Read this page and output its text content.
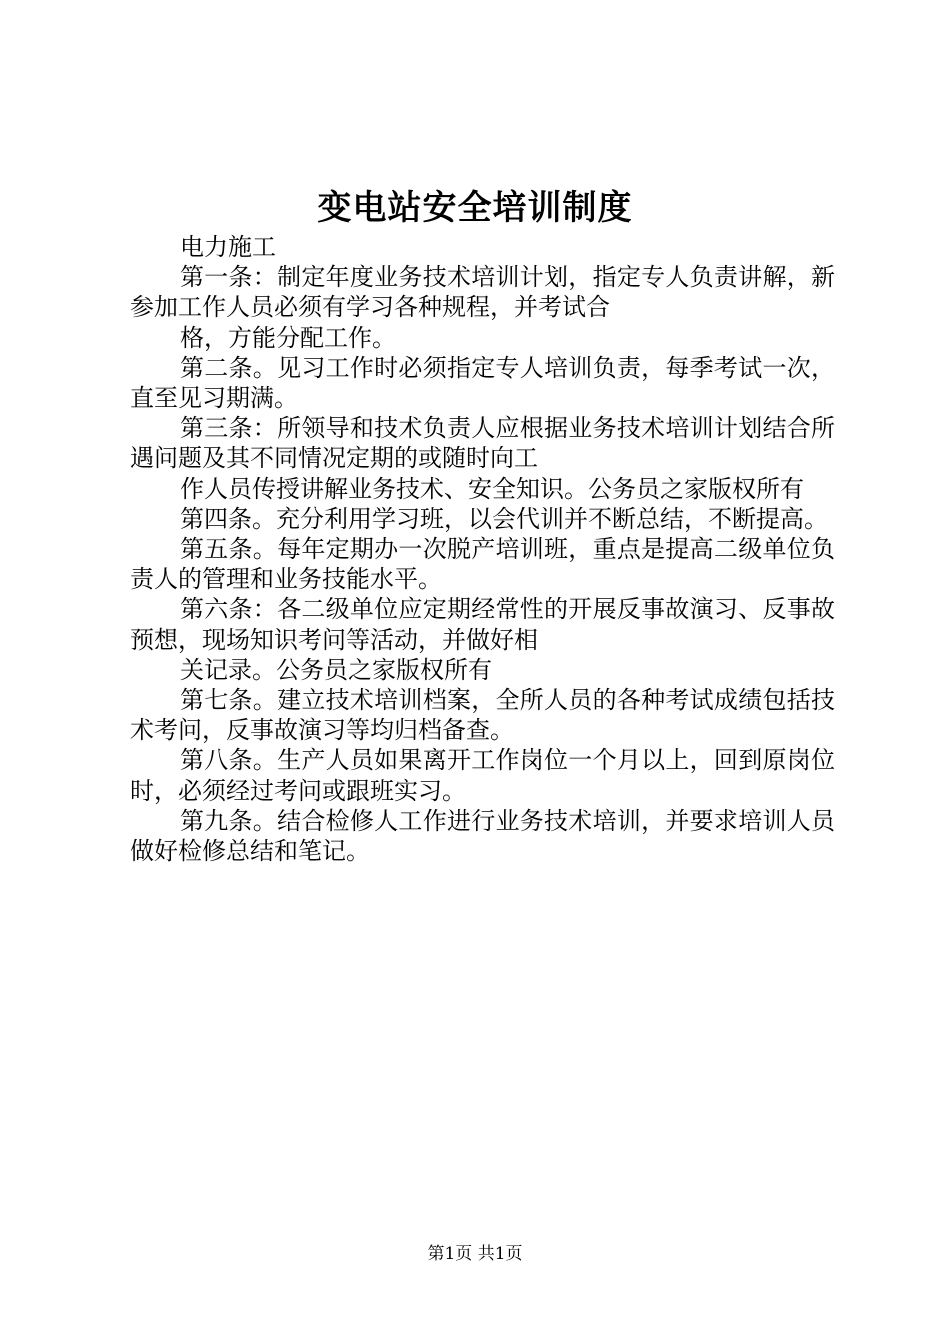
变电站安全培训制度

电力施工

第一条：制定年度业务技术培训计划，指定专人负责讲解，新参加工作人员必须有学习各种规程，并考试合

格，方能分配工作。

第二条。见习工作时必须指定专人培训负责，每季考试一次，直至见习期满。

第三条：所领导和技术负责人应根据业务技术培训计划结合所遇问题及其不同情况定期的或随时向工

作人员传授讲解业务技术、安全知识。公务员之家版权所有

第四条。充分利用学习班，以会代训并不断总结，不断提高。

第五条。每年定期办一次脱产培训班，重点是提高二级单位负责人的管理和业务技能水平。

第六条：各二级单位应定期经常性的开展反事故演习、反事故预想，现场知识考问等活动，并做好相

关记录。公务员之家版权所有

第七条。建立技术培训档案，全所人员的各种考试成绩包括技术考问，反事故演习等均归档备查。

第八条。生产人员如果离开工作岗位一个月以上，回到原岗位时，必须经过考问或跟班实习。

第九条。结合检修人工作进行业务技术培训，并要求培训人员做好检修总结和笔记。

第1页 共1页
